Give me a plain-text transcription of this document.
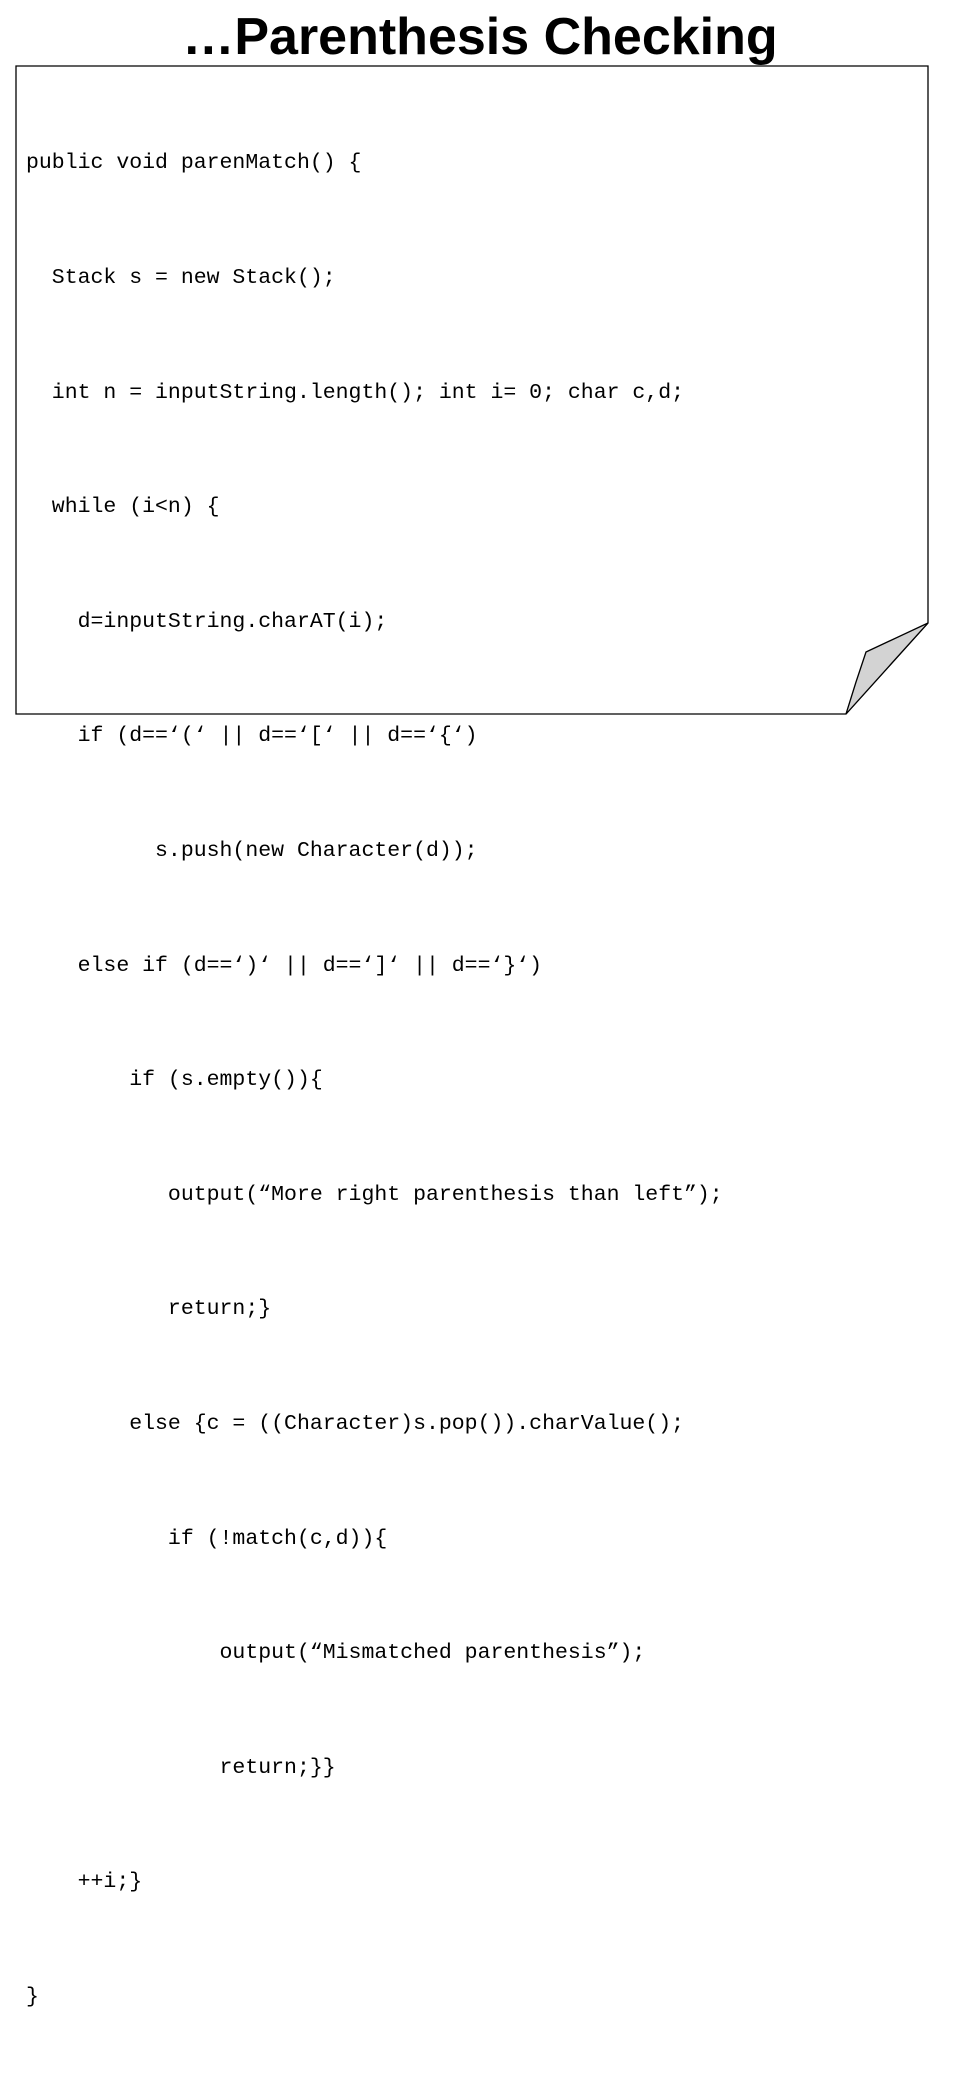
…Parenthesis Checking

public void parenMatch() {

Stack s = new Stack();

int n = inputString.length(); int i= 0; char c,d;

while (i<n) {

d=inputString.charAT(i);

if (d==‘(‘ || d==‘[‘ || d==‘{‘)

s.push(new Character(d));

else if (d==‘)‘ || d==‘]‘ || d==‘}‘)

if (s.empty()){

output(“More right parenthesis than left”);

return;}

else {c = ((Character)s.pop()).charValue();

if (!match(c,d)){

output(“Mismatched parenthesis”);

return;}}

++i;}

}
